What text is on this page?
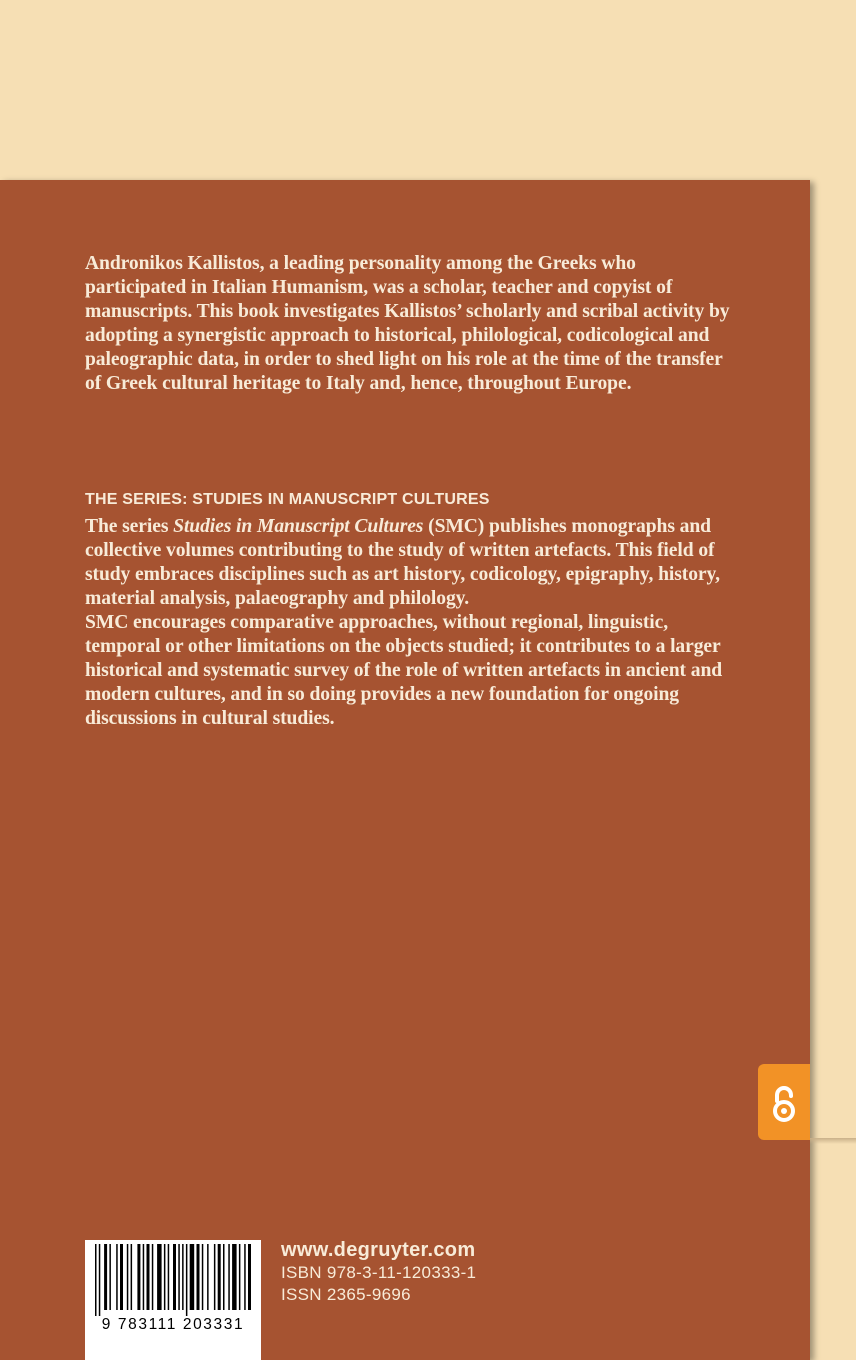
Andronikos Kallistos, a leading personality among the Greeks who participated in Italian Humanism, was a scholar, teacher and copyist of manuscripts. This book investigates Kallistos’ scholarly and scribal activity by adopting a synergistic approach to historical, philological, codicological and paleographic data, in order to shed light on his role at the time of the transfer of Greek cultural heritage to Italy and, hence, throughout Europe.

THE SERIES: STUDIES IN MANUSCRIPT CULTURES

The series Studies in Manuscript Cultures (SMC) publishes monographs and collective volumes contributing to the study of written artefacts. This field of study embraces disciplines such as art history, codicology, epigraphy, history, material analysis, palaeography and philology.

SMC encourages comparative approaches, without regional, linguistic, temporal or other limitations on the objects studied; it contributes to a larger historical and systematic survey of the role of written artefacts in ancient and modern cultures, and in so doing provides a new foundation for ongoing discussions in cultural studies.

9 783111 203331
www.degruyter.com
ISBN 978-3-11-120333-1
ISSN 2365-9696
